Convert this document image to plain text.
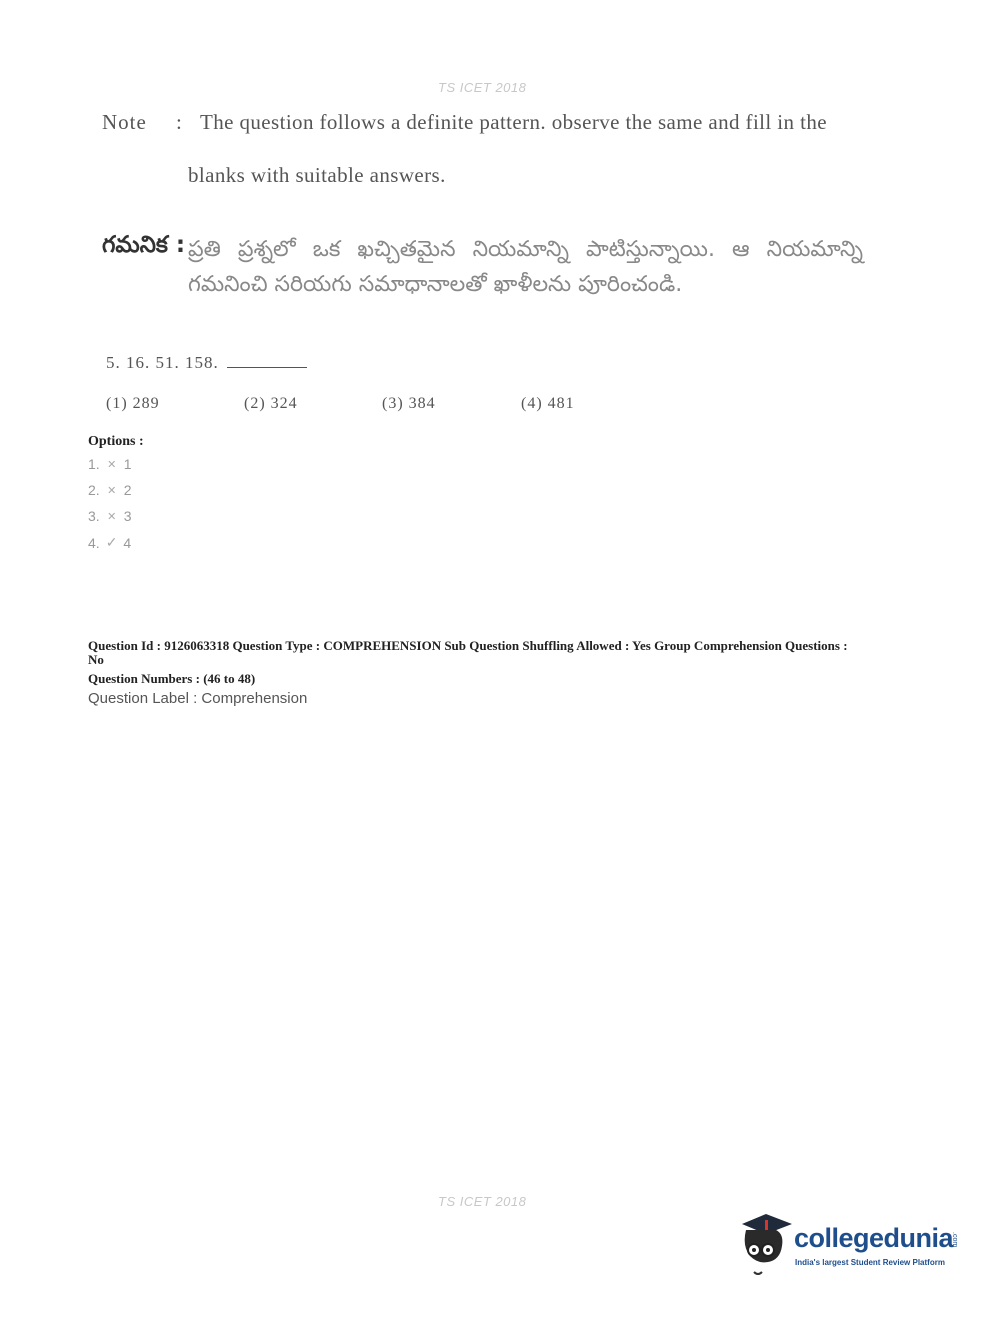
TS ICET 2018
Note : The question follows a definite pattern. observe the same and fill in the
blanks with suitable answers.
గమనిక : ప్రతి ప్రశ్నలో ఒక ఖచ్చితమైన నియమాన్ని పాటిస్తున్నాయి. ఆ నియమాన్ని గమనించి సరియగు సమాధానాలతో ఖాళీలను పూరించండి.
5. 16. 51. 158.
(1) 289	(2) 324	(3) 384	(4) 481
Options :
1. ✕ 1
2. ✕ 2
3. ✕ 3
4. ✓ 4
Question Id : 9126063318 Question Type : COMPREHENSION Sub Question Shuffling Allowed : Yes Group Comprehension Questions : No
Question Numbers : (46 to 48)
Question Label : Comprehension
TS ICET 2018
collegedunia
.com
India's largest Student Review Platform
